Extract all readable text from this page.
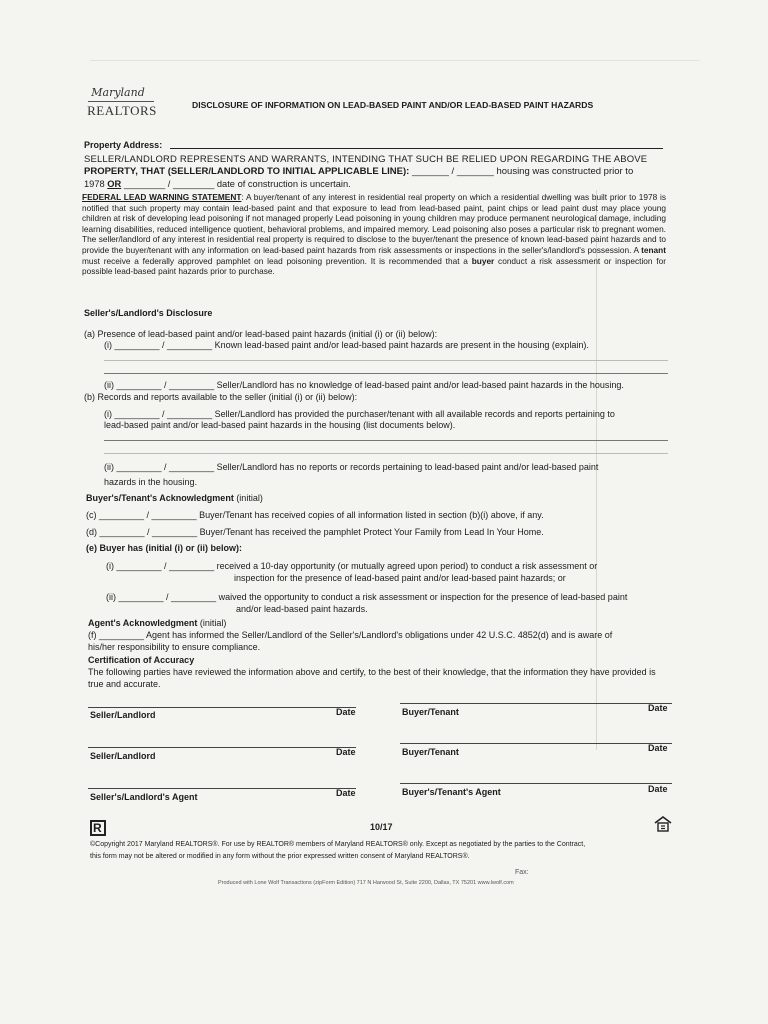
Maryland
REALTORS	DISCLOSURE OF INFORMATION ON LEAD-BASED PAINT AND/OR LEAD-BASED PAINT HAZARDS
Property Address:
SELLER/LANDLORD REPRESENTS AND WARRANTS, INTENDING THAT SUCH BE RELIED UPON REGARDING THE ABOVE
PROPERTY, THAT (SELLER/LANDLORD TO INITIAL APPLICABLE LINE): _______ / _______ housing was constructed prior to
1978 OR ________ / ________ date of construction is uncertain.
FEDERAL LEAD WARNING STATEMENT: A buyer/tenant of any interest in residential real property on which a residential dwelling was built prior to 1978 is notified that such property may contain lead-based paint and that exposure to lead from lead-based paint, paint chips or lead paint dust may place young children at risk of developing lead poisoning if not managed properly Lead poisoning in young children may produce permanent neurological damage, including learning disabilities, reduced intelligence quotient, behavioral problems, and impaired memory. Lead poisoning also poses a particular risk to pregnant women. The seller/landlord of any interest in residential real property is required to disclose to the buyer/tenant the presence of known lead-based paint hazards and to provide the buyer/tenant with any information on lead-based paint hazards from risk assessments or inspections in the seller's/landlord's possession. A tenant must receive a federally approved pamphlet on lead poisoning prevention. It is recommended that a buyer conduct a risk assessment or inspection for possible lead-based paint hazards prior to purchase.
Seller's/Landlord's Disclosure
(a) Presence of lead-based paint and/or lead-based paint hazards (initial (i) or (ii) below):
(i) _________ / _________ Known lead-based paint and/or lead-based paint hazards are present in the housing (explain).
(ii) _________ / _________ Seller/Landlord has no knowledge of lead-based paint and/or lead-based paint hazards in the housing.
(b) Records and reports available to the seller (initial (i) or (ii) below):
(i) _________ / _________ Seller/Landlord has provided the purchaser/tenant with all available records and reports pertaining to
lead-based paint and/or lead-based paint hazards in the housing (list documents below).
(ii) _________ / _________ Seller/Landlord has no reports or records pertaining to lead-based paint and/or lead-based paint
hazards in the housing.
Buyer's/Tenant's Acknowledgment (initial)
(c) _________ / _________ Buyer/Tenant has received copies of all information listed in section (b)(i) above, if any.
(d) _________ / _________ Buyer/Tenant has received the pamphlet Protect Your Family from Lead In Your Home.
(e) Buyer has (initial (i) or (ii) below):
(i) _________ / _________ received a 10-day opportunity (or mutually agreed upon period) to conduct a risk assessment or
inspection for the presence of lead-based paint and/or lead-based paint hazards; or
(ii) _________ / _________ waived the opportunity to conduct a risk assessment or inspection for the presence of lead-based paint
and/or lead-based paint hazards.
Agent's Acknowledgment (initial)
(f) _________ Agent has informed the Seller/Landlord of the Seller's/Landlord's obligations under 42 U.S.C. 4852(d) and is aware of
his/her responsibility to ensure compliance.
Certification of Accuracy
The following parties have reviewed the information above and certify, to the best of their knowledge, that the information they have provided is true and accurate.
Seller/Landlord	Date	Buyer/Tenant	Date
Seller/Landlord	Date	Buyer/Tenant	Date
Seller's/Landlord's Agent	Date	Buyer's/Tenant's Agent	Date
R	10/17
©Copyright 2017 Maryland REALTORS®. For use by REALTOR® members of Maryland REALTORS® only. Except as negotiated by the parties to the Contract,
this form may not be altered or modified in any form without the prior expressed written consent of Maryland REALTORS®.
Fax:
Produced with Lone Wolf Transactions (zipForm Edition) 717 N Harwood St, Suite 2200, Dallas, TX 75201 www.lwolf.com
